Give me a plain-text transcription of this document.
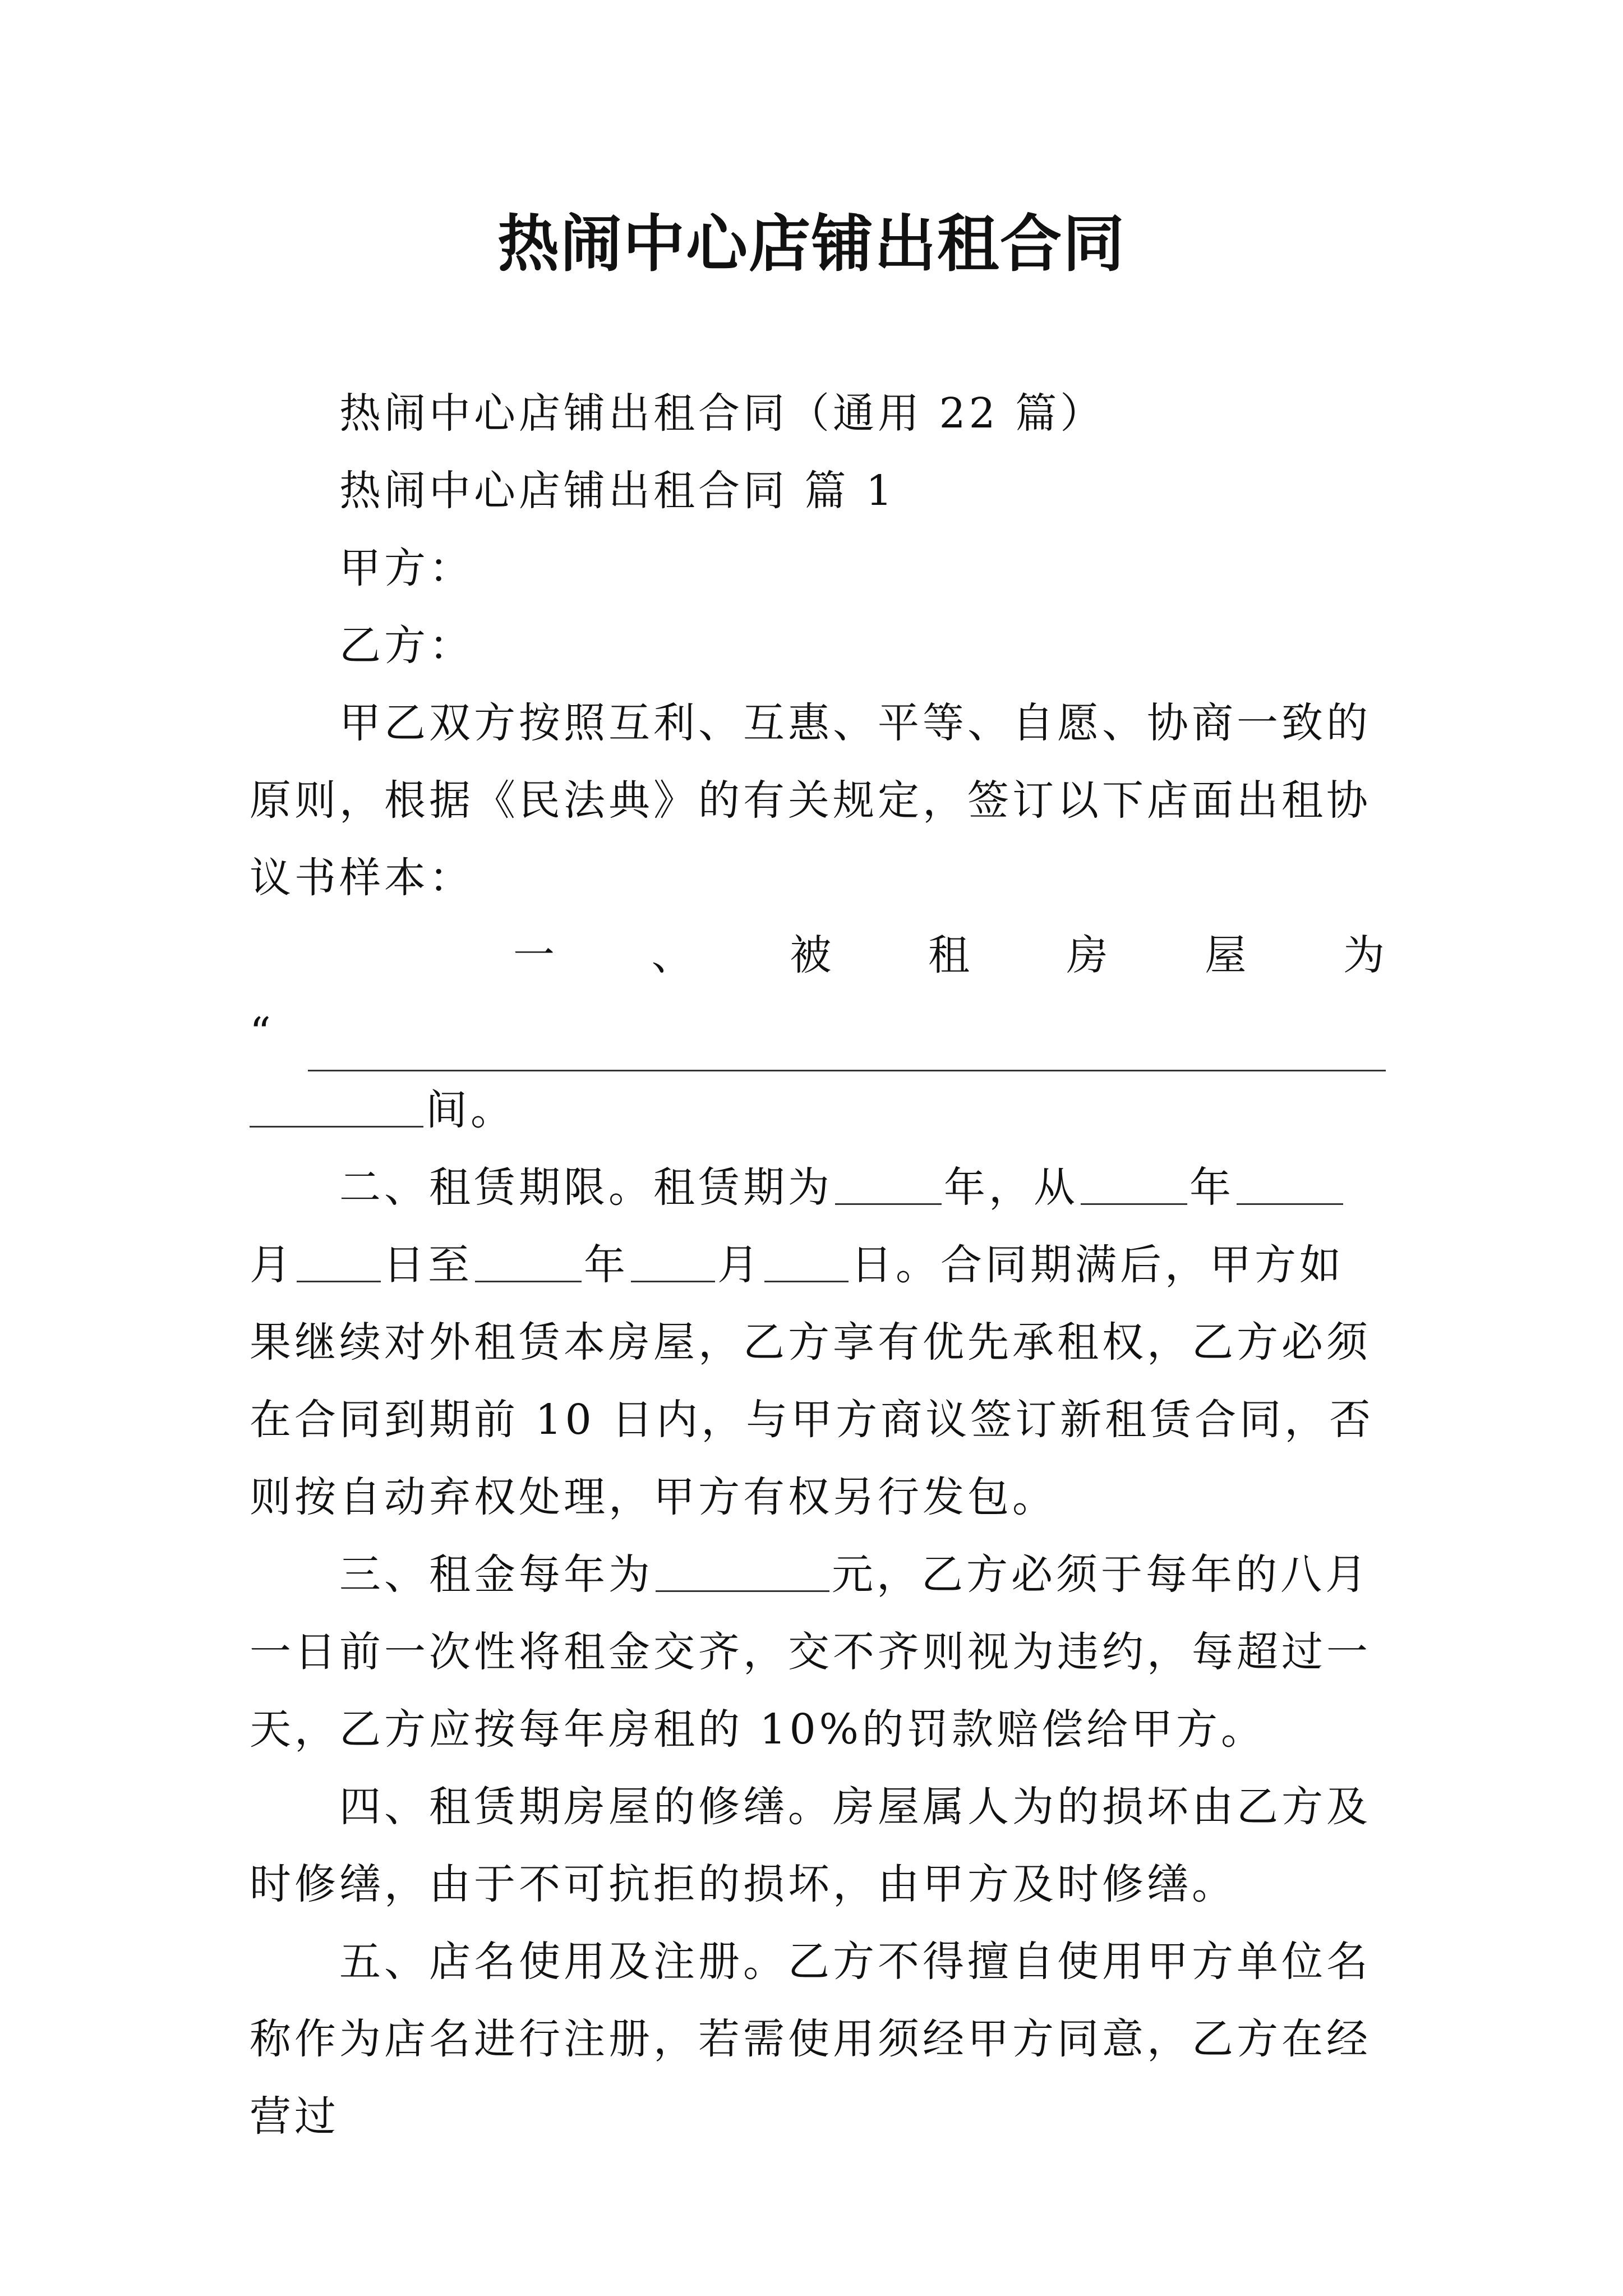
热闹中心店铺出租合同

热闹中心店铺出租合同（通用 22 篇）

热闹中心店铺出租合同 篇 1

甲方：

乙方：

甲乙双方按照互利、互惠、平等、自愿、协商一致的原则，根据《民法典》的有关规定，签订以下店面出租协议书样本：

一、被租房屋为

“

间。

二、租赁期限。租赁期为	年，从	年月 日至	年 月 日。合同期满后，甲方如果继续对外租赁本房屋，乙方享有优先承租权，乙方必须在合同到期前 10 日内，与甲方商议签订新租赁合同，否则按自动弃权处理，甲方有权另行发包。

三、租金每年为	元，乙方必须于每年的八月一日前一次性将租金交齐，交不齐则视为违约，每超过一天，乙方应按每年房租的 10%的罚款赔偿给甲方。

四、租赁期房屋的修缮。房屋属人为的损坏由乙方及时修缮，由于不可抗拒的损坏，由甲方及时修缮。

五、店名使用及注册。乙方不得擅自使用甲方单位名称作为店名进行注册，若需使用须经甲方同意，乙方在经营过
